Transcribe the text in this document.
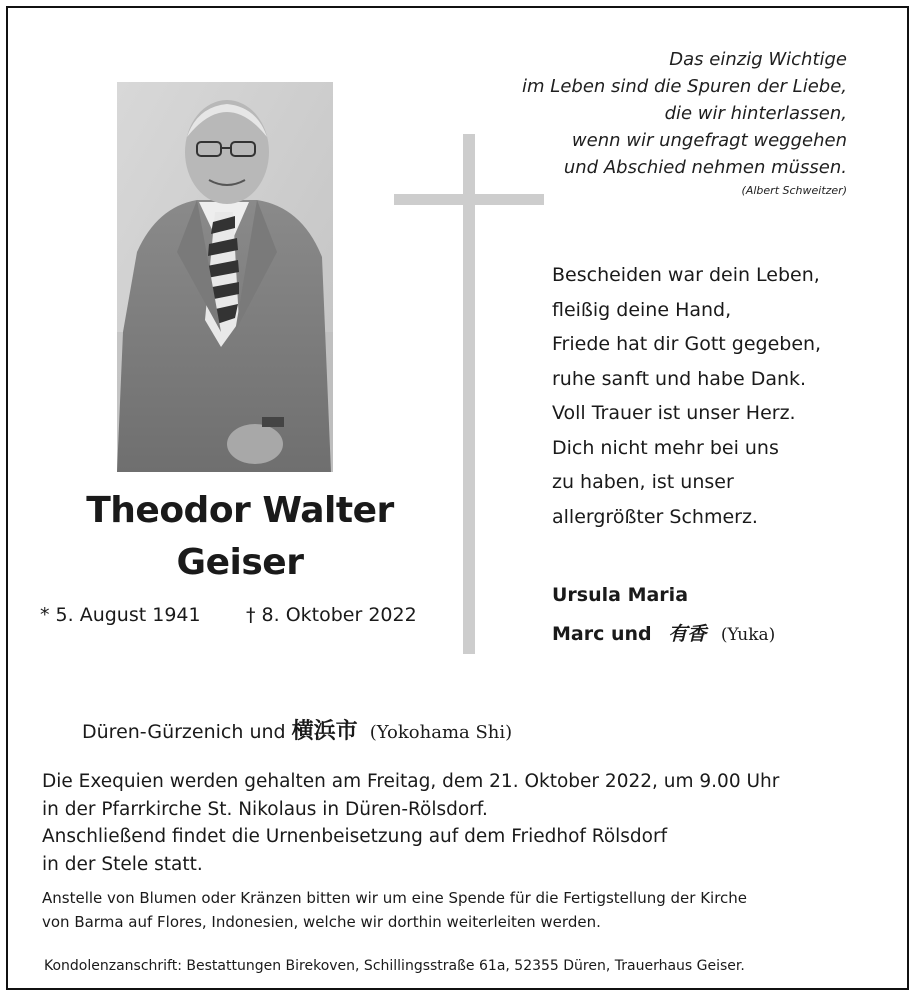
Das einzig Wichtige
im Leben sind die Spuren der Liebe,
die wir hinterlassen,
wenn wir ungefragt weggehen
und Abschied nehmen müssen.
(Albert Schweitzer)
Theodor Walter
Geiser
* 5. August 1941 † 8. Oktober 2022
Bescheiden war dein Leben,
fleißig deine Hand,
Friede hat dir Gott gegeben,
ruhe sanft und habe Dank.
Voll Trauer ist unser Herz.
Dich nicht mehr bei uns
zu haben, ist unser
allergrößter Schmerz.
Ursula Maria
Marc und 有香 (Yuka)
Düren-Gürzenich und 横浜市 (Yokohama Shi)
Die Exequien werden gehalten am Freitag, dem 21. Oktober 2022, um 9.00 Uhr
in der Pfarrkirche St. Nikolaus in Düren-Rölsdorf.
Anschließend findet die Urnenbeisetzung auf dem Friedhof Rölsdorf
in der Stele statt.
Anstelle von Blumen oder Kränzen bitten wir um eine Spende für die Fertigstellung der Kirche
von Barma auf Flores, Indonesien, welche wir dorthin weiterleiten werden.
Kondolenzanschrift: Bestattungen Birekoven, Schillingsstraße 61a, 52355 Düren, Trauerhaus Geiser.
